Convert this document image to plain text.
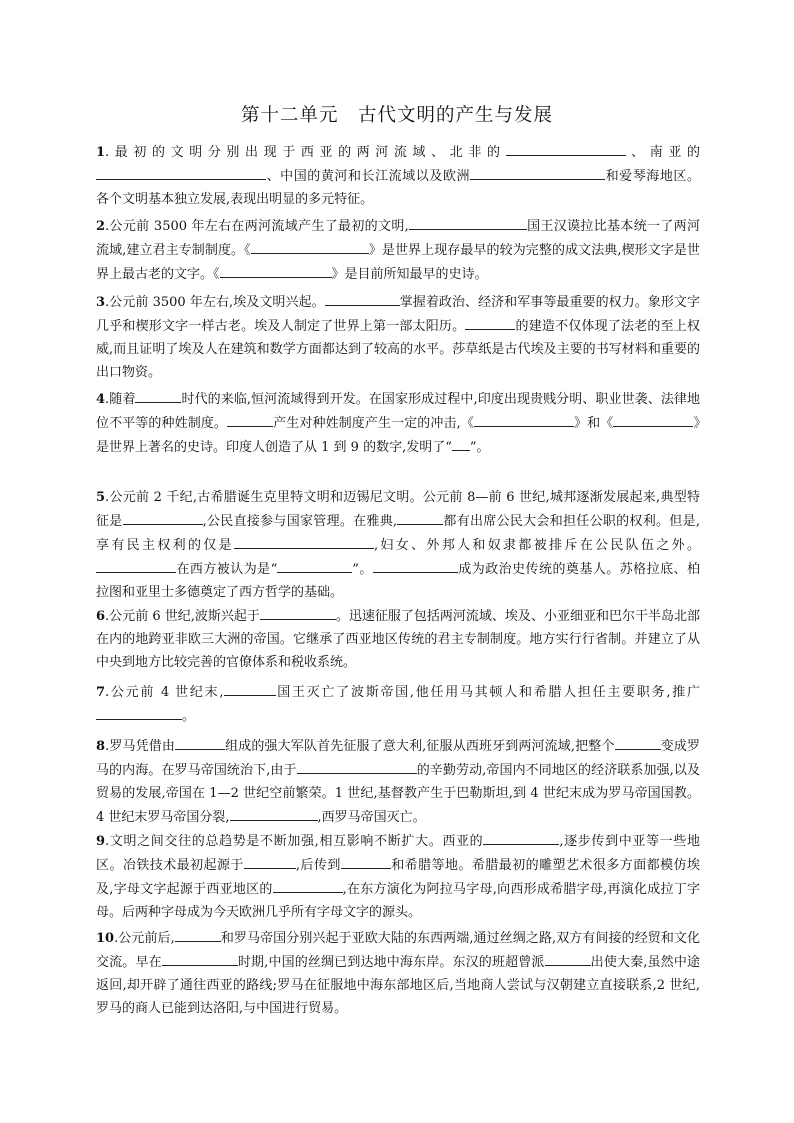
第十二单元　古代文明的产生与发展

1.最初的文明分别出现于西亚的两河流域、北非的	、南亚的、中国的黄河和长江流域以及欧洲	和爱琴海地区。各个文明基本独立发展,表现出明显的多元特征。

2.公元前 3500 年左右在两河流域产生了最初的文明,	国王汉谟拉比基本统一了两河流域,建立君主专制制度。《	》是世界上现存最早的较为完整的成文法典,楔形文字是世界上最古老的文字。《	》是目前所知最早的史诗。

3.公元前 3500 年左右,埃及文明兴起。	掌握着政治、经济和军事等最重要的权力。象形文字几乎和楔形文字一样古老。埃及人制定了世界上第一部太阳历。	的建造不仅体现了法老的至上权威,而且证明了埃及人在建筑和数学方面都达到了较高的水平。莎草纸是古代埃及主要的书写材料和重要的出口物资。

4.随着	时代的来临,恒河流域得到开发。在国家形成过程中,印度出现贵贱分明、职业世袭、法律地位不平等的种姓制度。	产生对种姓制度产生一定的冲击,《	》和《	》是世界上著名的史诗。印度人创造了从 1 到 9 的数字,发明了“ ”。

5.公元前 2 千纪,古希腊诞生克里特文明和迈锡尼文明。公元前 8—前 6 世纪,城邦逐渐发展起来,典型特征是	,公民直接参与国家管理。在雅典,	都有出席公民大会和担任公职的权利。但是,享有民主权利的仅是	,妇女、外邦人和奴隶都被排斥在公民队伍之外。在西方被认为是“	”。	成为政治史传统的奠基人。苏格拉底、柏拉图和亚里士多德奠定了西方哲学的基础。

6.公元前 6 世纪,波斯兴起于	。迅速征服了包括两河流域、埃及、小亚细亚和巴尔干半岛北部在内的地跨亚非欧三大洲的帝国。它继承了西亚地区传统的君主专制制度。地方实行行省制。并建立了从中央到地方比较完善的官僚体系和税收系统。

7.公元前 4 世纪末,	国王灭亡了波斯帝国,他任用马其顿人和希腊人担任主要职务,推广。

8.罗马凭借由	组成的强大军队首先征服了意大利,征服从西班牙到两河流域,把整个	变成罗马的内海。在罗马帝国统治下,由于	的辛勤劳动,帝国内不同地区的经济联系加强,以及贸易的发展,帝国在 1—2 世纪空前繁荣。1 世纪,基督教产生于巴勒斯坦,到 4 世纪末成为罗马帝国国教。4 世纪末罗马帝国分裂,	,西罗马帝国灭亡。

9.文明之间交往的总趋势是不断加强,相互影响不断扩大。西亚的	,逐步传到中亚等一些地区。冶铁技术最初起源于	,后传到	和希腊等地。希腊最初的雕塑艺术很多方面都模仿埃及,字母文字起源于西亚地区的	,在东方演化为阿拉马字母,向西形成希腊字母,再演化成拉丁字母。后两种字母成为今天欧洲几乎所有字母文字的源头。

10.公元前后,	和罗马帝国分别兴起于亚欧大陆的东西两端,通过丝绸之路,双方有间接的经贸和文化交流。早在	时期,中国的丝绸已到达地中海东岸。东汉的班超曾派	出使大秦,虽然中途返回,却开辟了通往西亚的路线;罗马在征服地中海东部地区后,当地商人尝试与汉朝建立直接联系,2 世纪,罗马的商人已能到达洛阳,与中国进行贸易。
